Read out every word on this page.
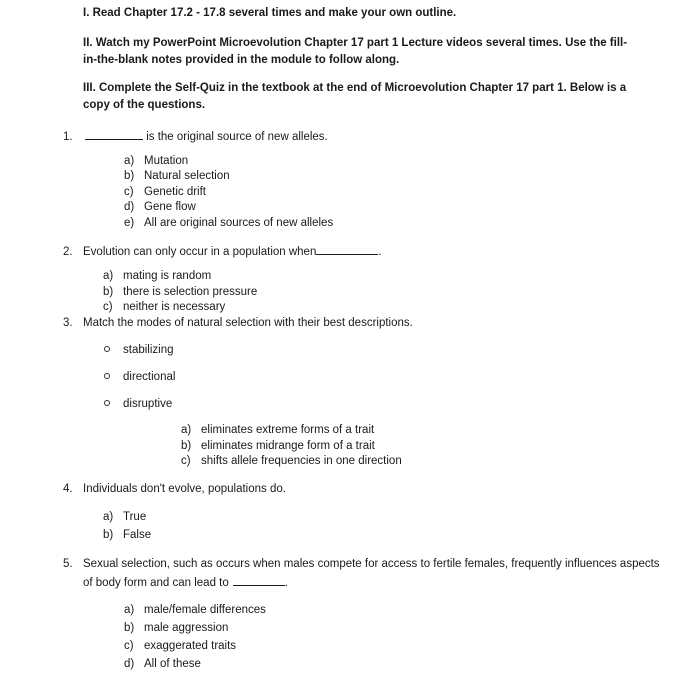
I. Read Chapter 17.2 - 17.8 several times and make your own outline.
II. Watch my PowerPoint Microevolution Chapter 17 part 1 Lecture videos several times. Use the fill-
in-the-blank notes provided in the module to follow along.
III. Complete the Self-Quiz in the textbook at the end of Microevolution Chapter 17 part 1. Below is a
copy of the questions.
1.	is the original source of new alleles.
a) Mutation
b) Natural selection
c) Genetic drift
d) Gene flow
e) All are original sources of new alleles
2. Evolution can only occur in a population when	.
a) mating is random
b) there is selection pressure
c) neither is necessary
3. Match the modes of natural selection with their best descriptions.
stabilizing
directional
disruptive
a) eliminates extreme forms of a trait
b) eliminates midrange form of a trait
c) shifts allele frequencies in one direction
4. Individuals don't evolve, populations do.
a) True
b) False
5. Sexual selection, such as occurs when males compete for access to fertile females, frequently influences aspects
of body form and can lead to	.
a) male/female differences
b) male aggression
c) exaggerated traits
d) All of these
